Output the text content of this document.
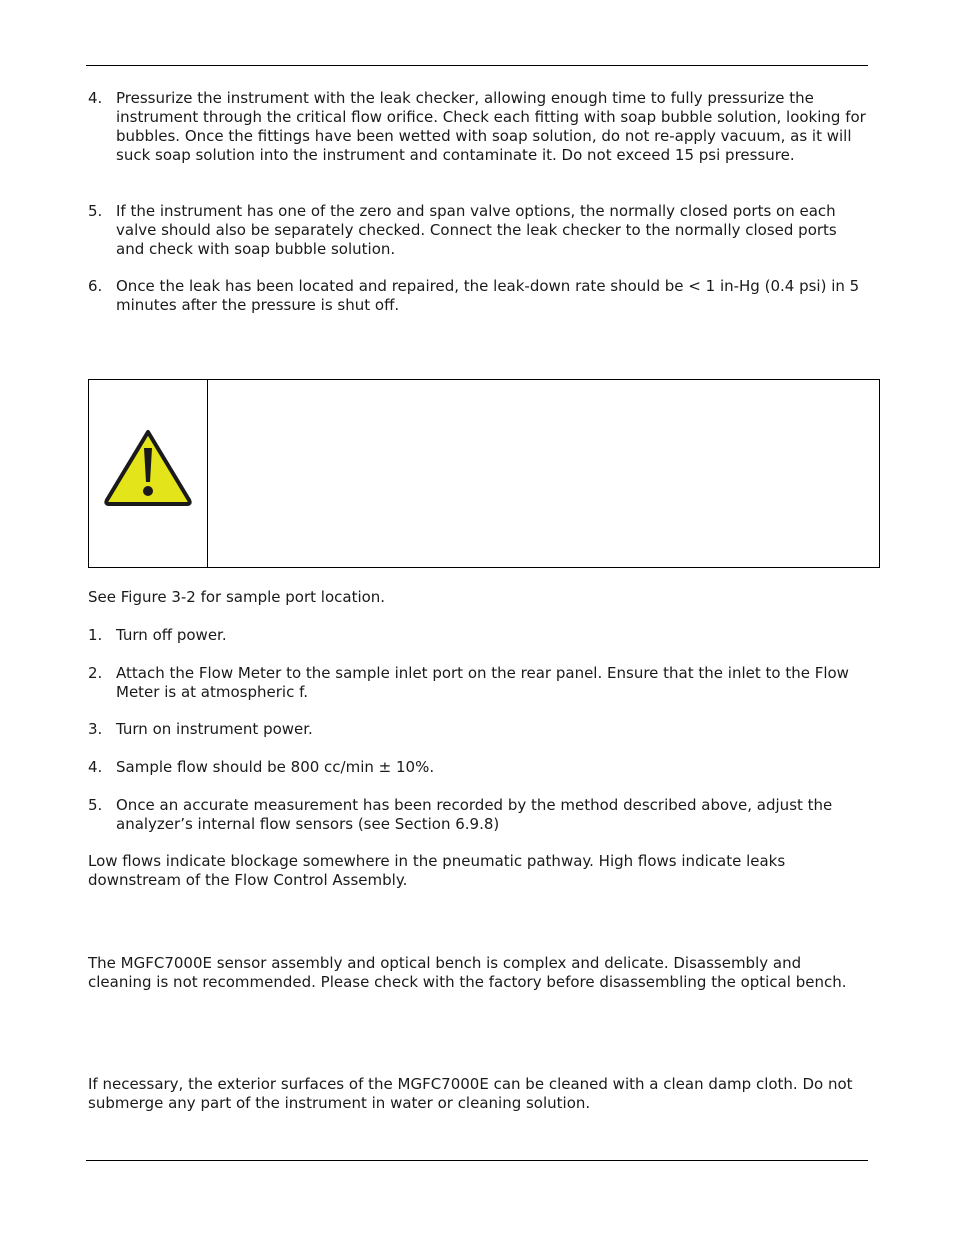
4. Pressurize the instrument with the leak checker, allowing enough time to fully pressurize the instrument through the critical flow orifice. Check each fitting with soap bubble solution, looking for bubbles. Once the fittings have been wetted with soap solution, do not re-apply vacuum, as it will suck soap solution into the instrument and contaminate it. Do not exceed 15 psi pressure.
5. If the instrument has one of the zero and span valve options, the normally closed ports on each valve should also be separately checked. Connect the leak checker to the normally closed ports and check with soap bubble solution.
6. Once the leak has been located and repaired, the leak-down rate should be < 1 in-Hg (0.4 psi) in 5 minutes after the pressure is shut off.

See Figure 3-2 for sample port location.

1. Turn off power.
2. Attach the Flow Meter to the sample inlet port on the rear panel. Ensure that the inlet to the Flow Meter is at atmospheric f.
3. Turn on instrument power.
4. Sample flow should be 800 cc/min ± 10%.
5. Once an accurate measurement has been recorded by the method described above, adjust the analyzer’s internal flow sensors (see Section 6.9.8)

Low flows indicate blockage somewhere in the pneumatic pathway. High flows indicate leaks downstream of the Flow Control Assembly.

The MGFC7000E sensor assembly and optical bench is complex and delicate. Disassembly and cleaning is not recommended. Please check with the factory before disassembling the optical bench.

If necessary, the exterior surfaces of the MGFC7000E can be cleaned with a clean damp cloth. Do not submerge any part of the instrument in water or cleaning solution.
